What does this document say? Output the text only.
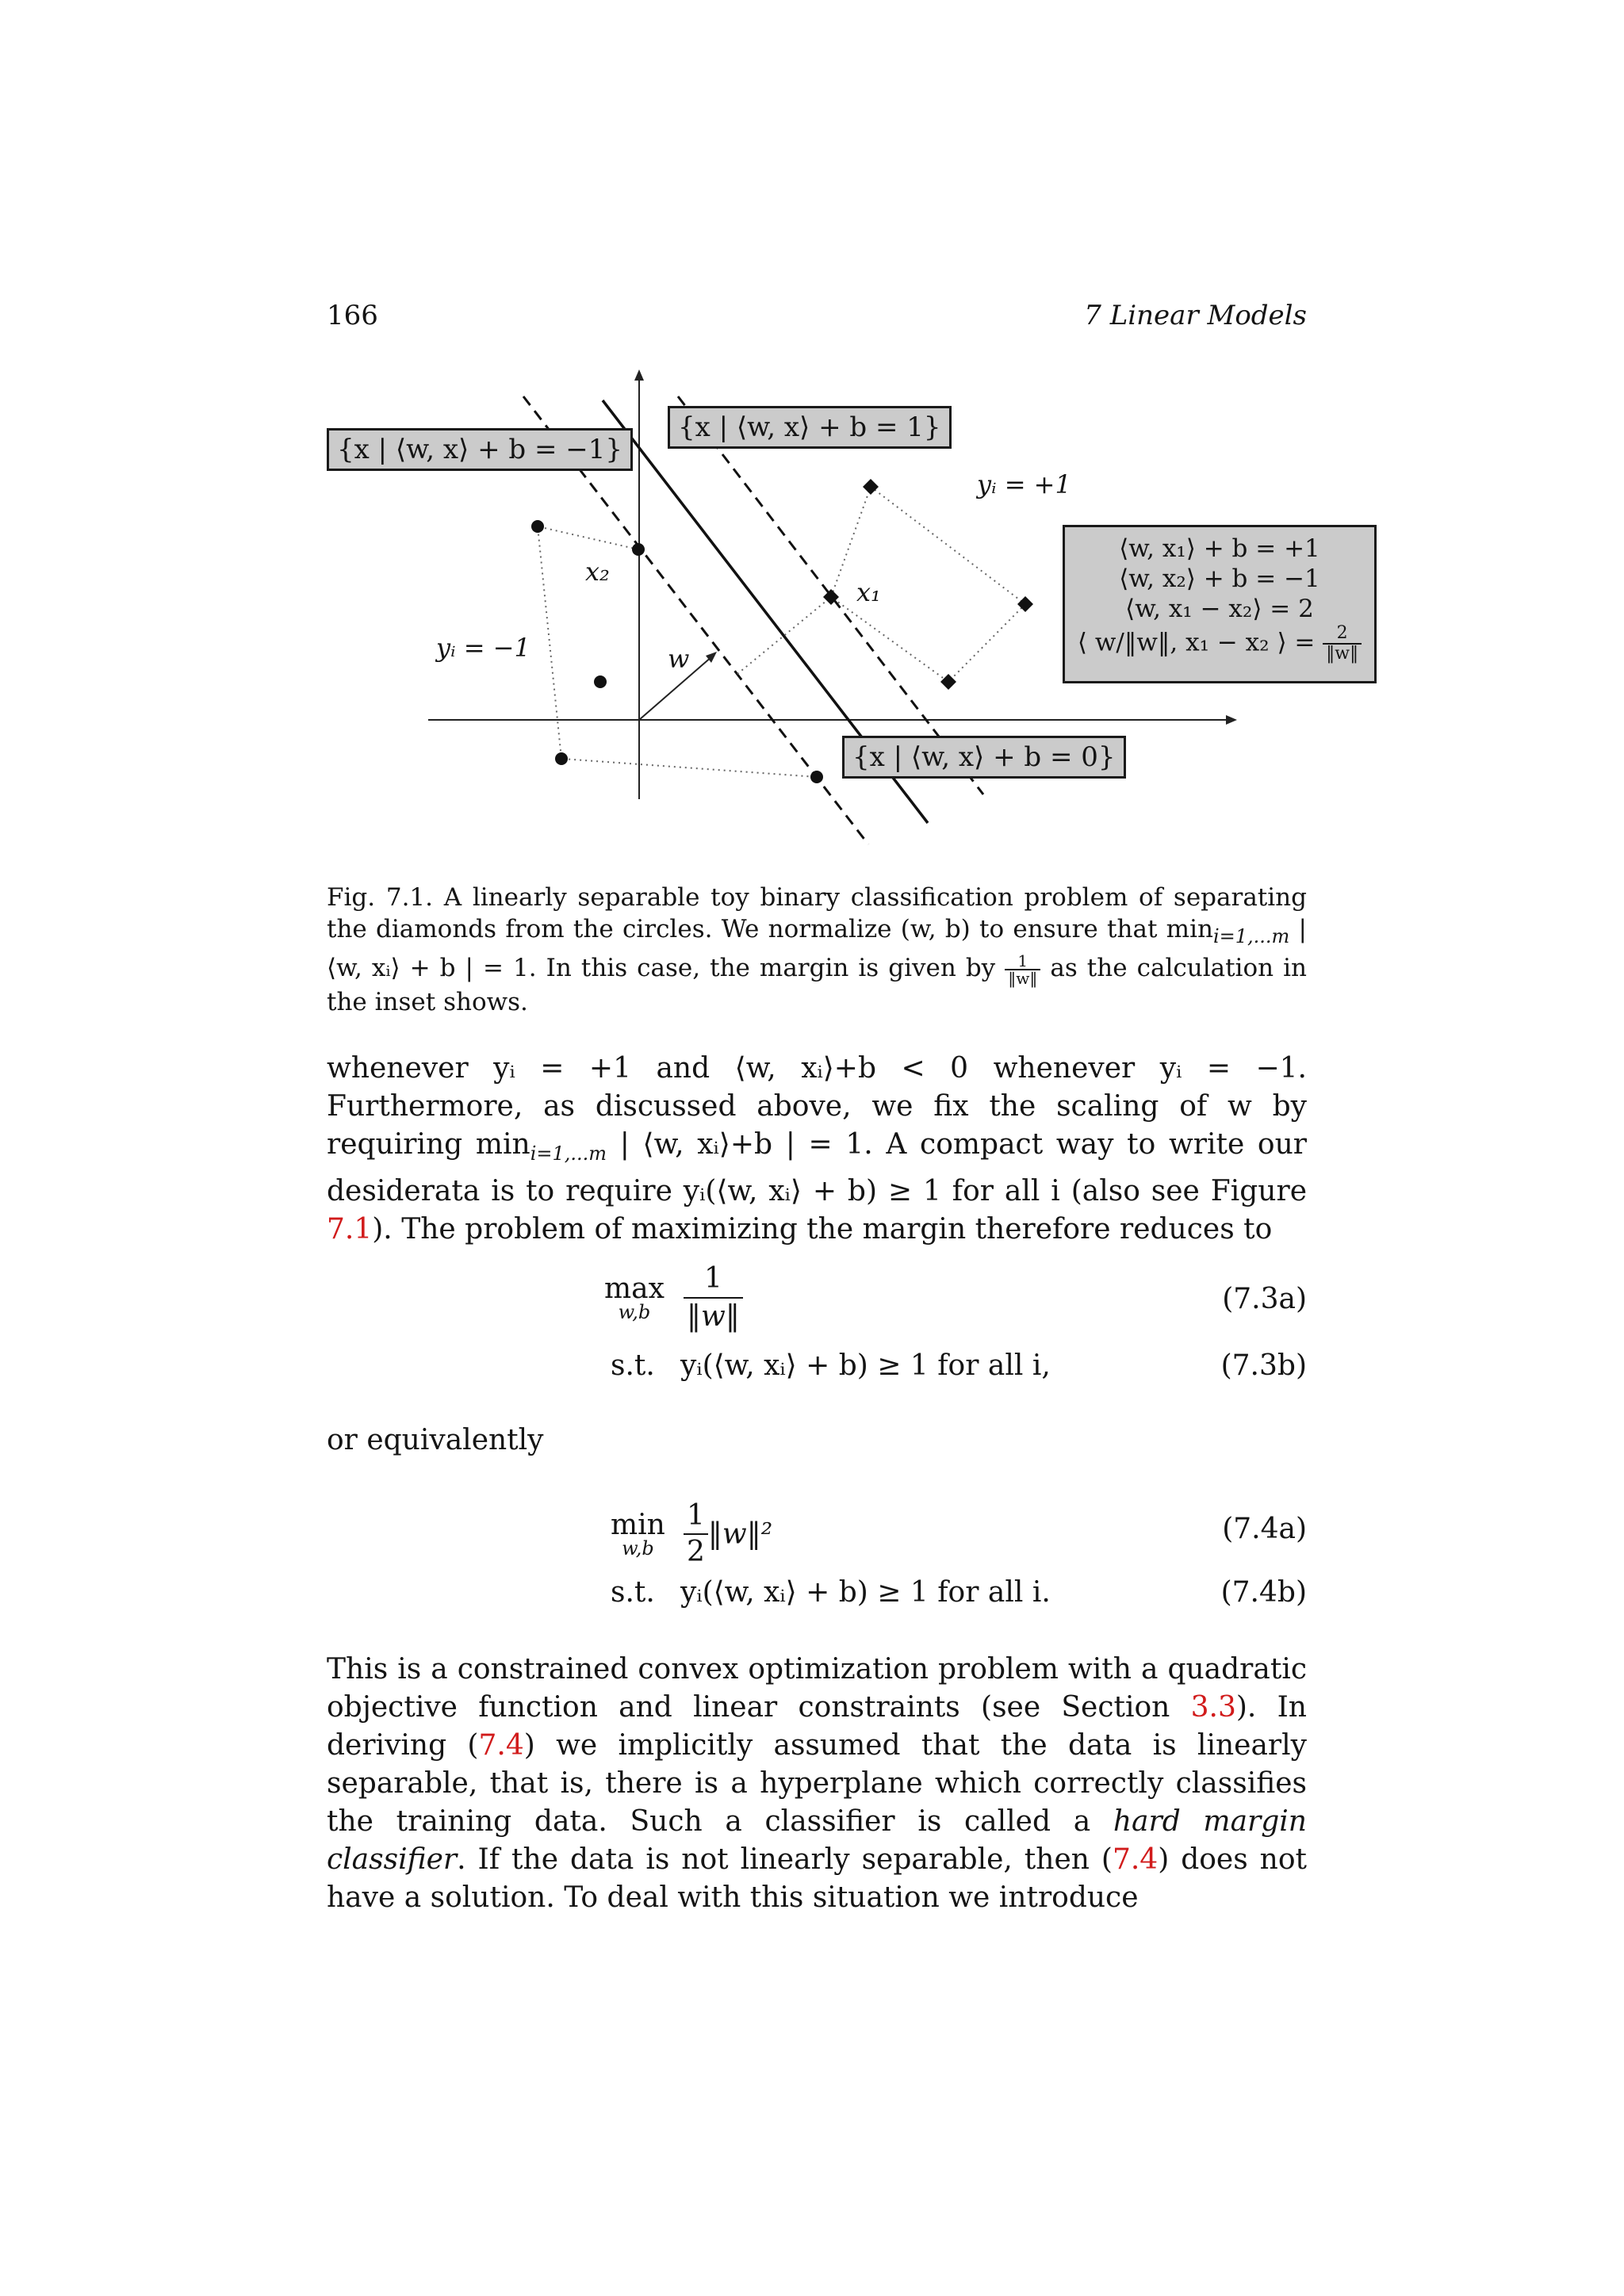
166	7 Linear Models
{x | ⟨w, x⟩ + b = −1}
{x | ⟨w, x⟩ + b = 1}
{x | ⟨w, x⟩ + b = 0}
yᵢ = +1
yᵢ = −1
x₁
x₂
w
⟨w, x₁⟩ + b = +1
⟨w, x₂⟩ + b = −1
⟨w, x₁ − x₂⟩ = 2
⟨ w/‖w‖, x₁ − x₂ ⟩ = $\frac{2}{‖w‖}$
Fig. 7.1. A linearly separable toy binary classification problem of separating the diamonds from the circles. We normalize (w, b) to ensure that $\min_{i=1,...m}$ | ⟨w, xᵢ⟩ + b | = 1. In this case, the margin is given by $\frac{1}{‖w‖}$ as the calculation in the inset shows.
whenever yᵢ = +1 and ⟨w, xᵢ⟩+b < 0 whenever yᵢ = −1. Furthermore, as discussed above, we fix the scaling of w by requiring $\min_{i=1,...m}$ | ⟨w, xᵢ⟩+b | = 1. A compact way to write our desiderata is to require yᵢ(⟨w, xᵢ⟩ + b) ≥ 1 for all i (also see Figure 7.1). The problem of maximizing the margin therefore reduces to
max
w,b	$\frac{1}{‖w‖}$	(7.3a)
s.t. yᵢ(⟨w, xᵢ⟩ + b) ≥ 1 for all i,	(7.3b)
or equivalently
min
w,b	$\frac{1}{2}$ ‖w‖²	(7.4a)
s.t. yᵢ(⟨w, xᵢ⟩ + b) ≥ 1 for all i.	(7.4b)
This is a constrained convex optimization problem with a quadratic objective function and linear constraints (see Section 3.3). In deriving (7.4) we implicitly assumed that the data is linearly separable, that is, there is a hyperplane which correctly classifies the training data. Such a classifier is called a hard margin classifier. If the data is not linearly separable, then (7.4) does not have a solution. To deal with this situation we introduce
